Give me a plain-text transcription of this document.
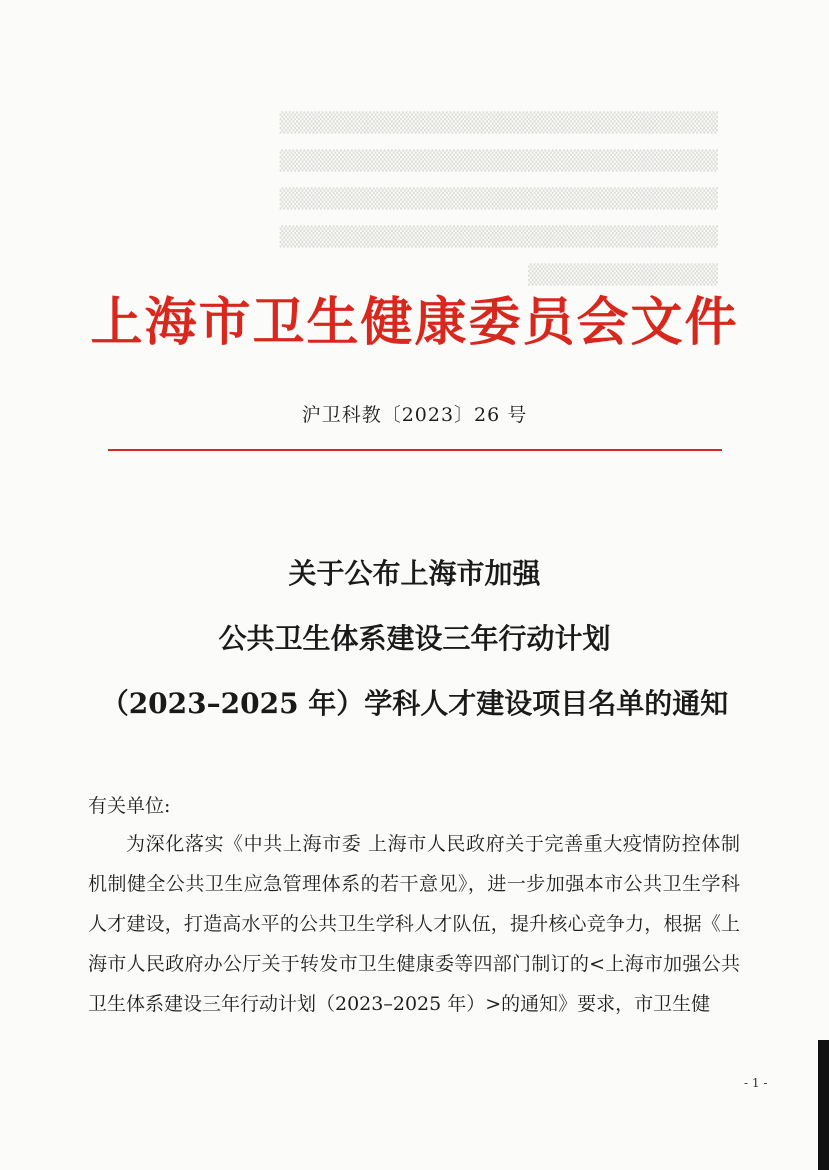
▒▒▒▒▒▒▒▒▒▒▒▒▒▒▒▒▒▒▒▒▒▒▒▒▒▒▒▒▒▒
▒▒▒▒▒▒▒▒▒▒▒▒▒▒▒▒▒▒▒▒▒▒▒▒▒▒▒▒▒▒
▒▒▒▒▒▒▒▒▒▒▒▒▒▒▒▒▒▒▒▒▒▒▒▒▒▒▒▒▒▒
▒▒▒▒▒▒▒▒▒▒▒▒▒▒▒▒▒▒▒▒▒▒▒▒▒▒▒▒▒▒
▒▒▒▒▒▒▒▒▒▒▒▒▒
上海市卫生健康委员会文件
沪卫科教〔2023〕26 号
关于公布上海市加强
公共卫生体系建设三年行动计划
（2023–2025 年）学科人才建设项目名单的通知
有关单位:
为深化落实《中共上海市委 上海市人民政府关于完善重大疫情防控体制机制健全公共卫生应急管理体系的若干意见》，进一步加强本市公共卫生学科人才建设，打造高水平的公共卫生学科人才队伍，提升核心竞争力，根据《上海市人民政府办公厅关于转发市卫生健康委等四部门制订的<上海市加强公共卫生体系建设三年行动计划（2023–2025 年）>的通知》要求，市卫生健
- 1 -
